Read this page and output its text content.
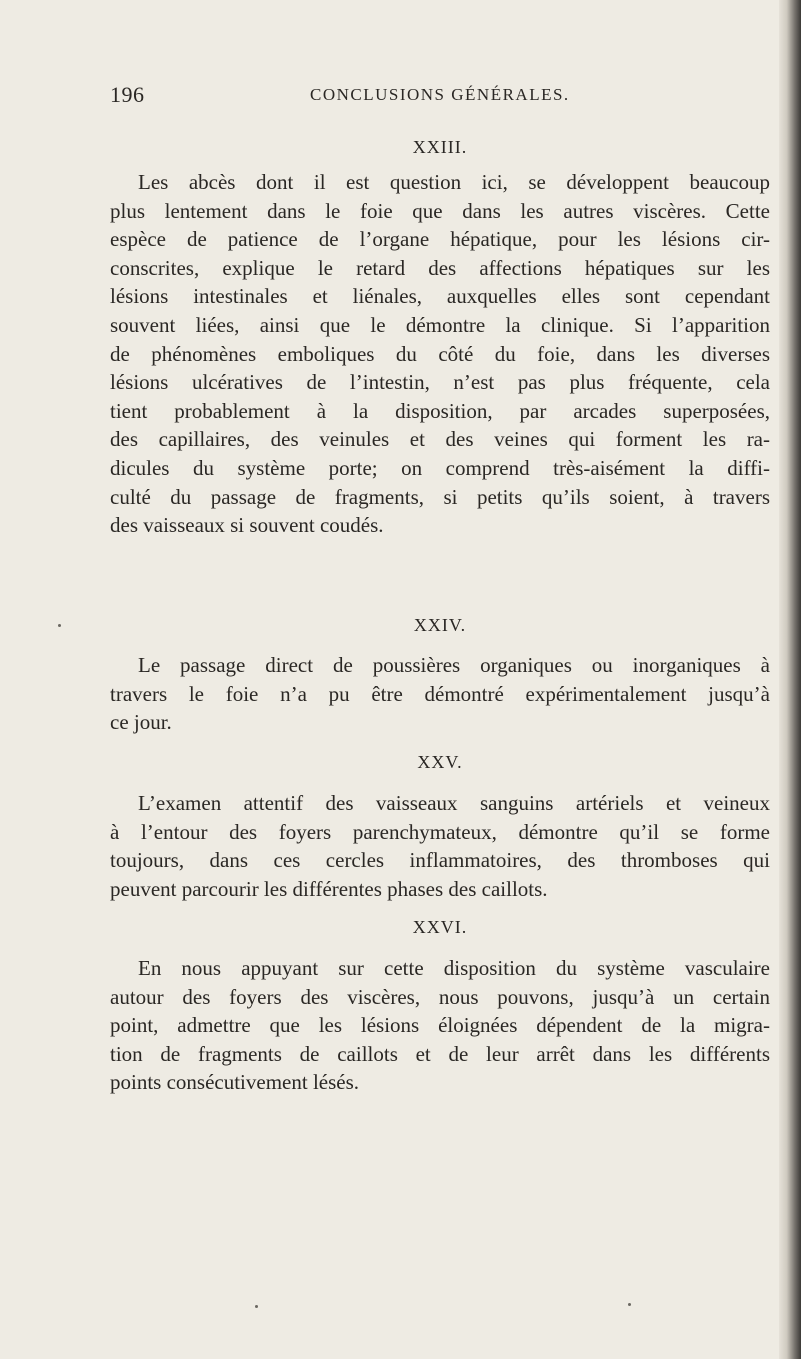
196	CONCLUSIONS GÉNÉRALES.
XXIII.

Les abcès dont il est question ici, se développent beaucoup
plus lentement dans le foie que dans les autres viscères. Cette
espèce de patience de l’organe hépatique, pour les lésions cir-
conscrites, explique le retard des affections hépatiques sur les
lésions intestinales et liénales, auxquelles elles sont cependant
souvent liées, ainsi que le démontre la clinique. Si l’apparition
de phénomènes emboliques du côté du foie, dans les diverses
lésions ulcératives de l’intestin, n’est pas plus fréquente, cela
tient probablement à la disposition, par arcades superposées,
des capillaires, des veinules et des veines qui forment les ra-
dicules du système porte; on comprend très-aisément la diffi-
culté du passage de fragments, si petits qu’ils soient, à travers
des vaisseaux si souvent coudés.

XXIV.

Le passage direct de poussières organiques ou inorganiques à
travers le foie n’a pu être démontré expérimentalement jusqu’à
ce jour.

XXV.

L’examen attentif des vaisseaux sanguins artériels et veineux
à l’entour des foyers parenchymateux, démontre qu’il se forme
toujours, dans ces cercles inflammatoires, des thromboses qui
peuvent parcourir les différentes phases des caillots.

XXVI.

En nous appuyant sur cette disposition du système vasculaire
autour des foyers des viscères, nous pouvons, jusqu’à un certain
point, admettre que les lésions éloignées dépendent de la migra-
tion de fragments de caillots et de leur arrêt dans les différents
points consécutivement lésés.
